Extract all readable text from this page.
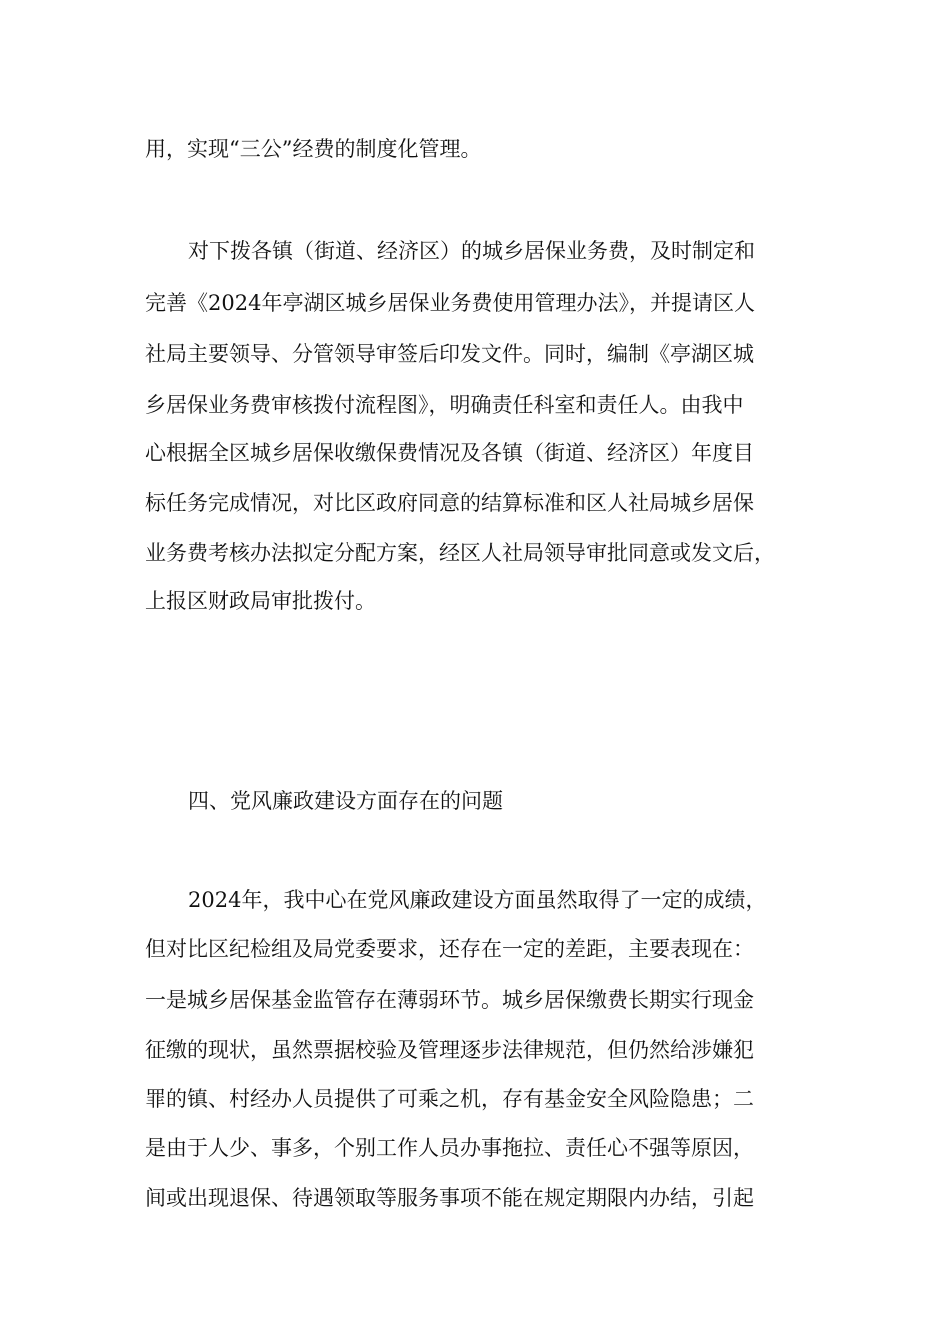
用，实现“三公”经费的制度化管理。
对下拨各镇（街道、经济区）的城乡居保业务费，及时制定和
完善《2024年亭湖区城乡居保业务费使用管理办法》，并提请区人
社局主要领导、分管领导审签后印发文件。同时，编制《亭湖区城
乡居保业务费审核拨付流程图》，明确责任科室和责任人。由我中
心根据全区城乡居保收缴保费情况及各镇（街道、经济区）年度目
标任务完成情况，对比区政府同意的结算标准和区人社局城乡居保
业务费考核办法拟定分配方案，经区人社局领导审批同意或发文后，
上报区财政局审批拨付。
四、党风廉政建设方面存在的问题
2024年，我中心在党风廉政建设方面虽然取得了一定的成绩，
但对比区纪检组及局党委要求，还存在一定的差距，主要表现在：
一是城乡居保基金监管存在薄弱环节。城乡居保缴费长期实行现金
征缴的现状，虽然票据校验及管理逐步法律规范，但仍然给涉嫌犯
罪的镇、村经办人员提供了可乘之机，存有基金安全风险隐患；二
是由于人少、事多，个别工作人员办事拖拉、责任心不强等原因，
间或出现退保、待遇领取等服务事项不能在规定期限内办结，引起
